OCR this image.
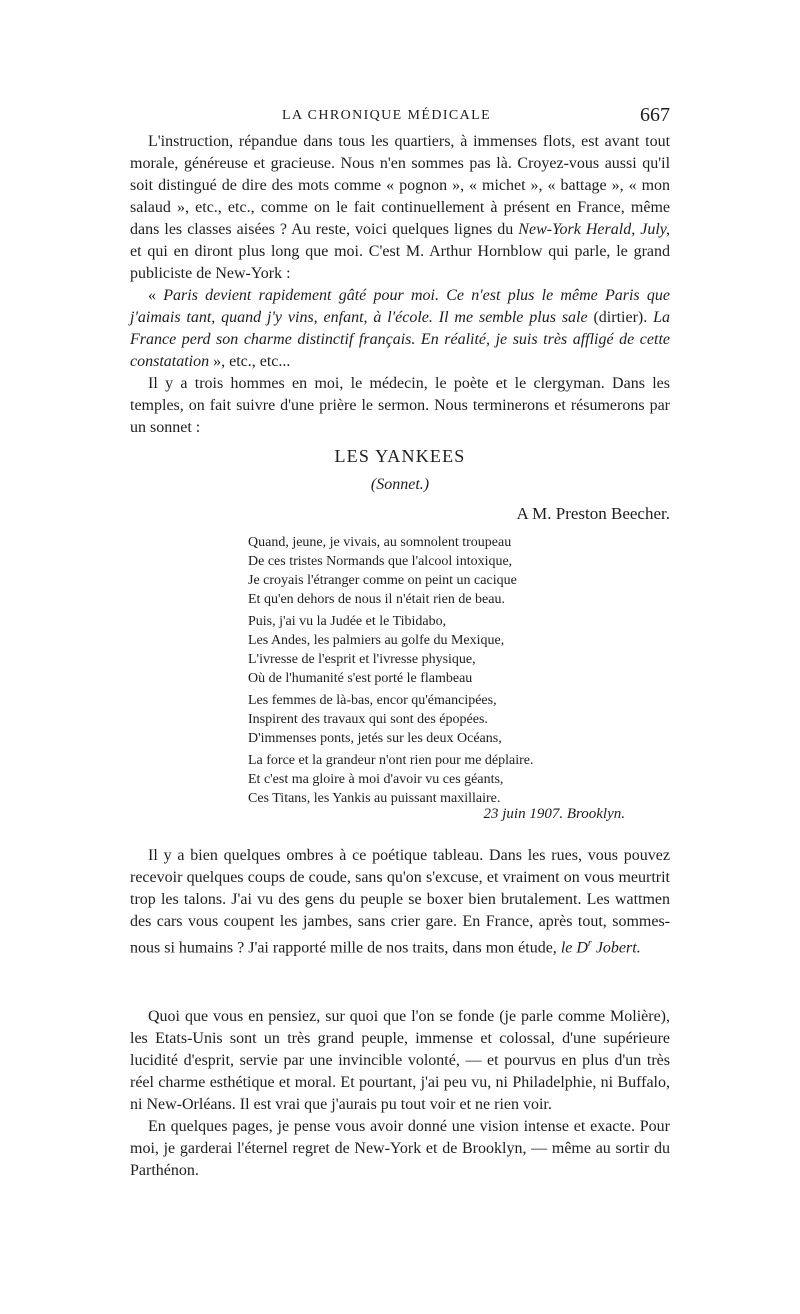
LA CHRONIQUE MÉDICALE	667

L'instruction, répandue dans tous les quartiers, à immenses flots, est avant tout morale, généreuse et gracieuse. Nous n'en sommes pas là. Croyez-vous aussi qu'il soit distingué de dire des mots comme « pognon », « michet », « battage », « mon salaud », etc., etc., comme on le fait continuellement à présent en France, même dans les classes aisées ? Au reste, voici quelques lignes du New-York Herald, July, et qui en diront plus long que moi. C'est M. Arthur Hornblow qui parle, le grand publiciste de New-York :

« Paris devient rapidement gâté pour moi. Ce n'est plus le même Paris que j'aimais tant, quand j'y vins, enfant, à l'école. Il me semble plus sale (dirtier). La France perd son charme distinctif français. En réalité, je suis très affligé de cette constatation », etc., etc...

Il y a trois hommes en moi, le médecin, le poète et le clergyman. Dans les temples, on fait suivre d'une prière le sermon. Nous terminerons et résumerons par un sonnet :

LES YANKEES
(Sonnet.)
A M. Preston Beecher.
Quand, jeune, je vivais, au somnolent troupeau
De ces tristes Normands que l'alcool intoxique,
Je croyais l'étranger comme on peint un cacique
Et qu'en dehors de nous il n'était rien de beau.
Puis, j'ai vu la Judée et le Tibidabo,
Les Andes, les palmiers au golfe du Mexique,
L'ivresse de l'esprit et l'ivresse physique,
Où de l'humanité s'est porté le flambeau
Les femmes de là-bas, encor qu'émancipées,
Inspirent des travaux qui sont des épopées.
D'immenses ponts, jetés sur les deux Océans,
La force et la grandeur n'ont rien pour me déplaire.
Et c'est ma gloire à moi d'avoir vu ces géants,
Ces Titans, les Yankis au puissant maxillaire.
23 juin 1907. Brooklyn.

Il y a bien quelques ombres à ce poétique tableau. Dans les rues, vous pouvez recevoir quelques coups de coude, sans qu'on s'excuse, et vraiment on vous meurtrit trop les talons. J'ai vu des gens du peuple se boxer bien brutalement. Les wattmen des cars vous coupent les jambes, sans crier gare. En France, après tout, sommes-nous si humains ? J'ai rapporté mille de nos traits, dans mon étude, le $D^r$ Jobert.

Quoi que vous en pensiez, sur quoi que l'on se fonde (je parle comme Molière), les Etats-Unis sont un très grand peuple, immense et colossal, d'une supérieure lucidité d'esprit, servie par une invincible volonté, — et pourvus en plus d'un très réel charme esthétique et moral. Et pourtant, j'ai peu vu, ni Philadelphie, ni Buffalo, ni New-Orléans. Il est vrai que j'aurais pu tout voir et ne rien voir.

En quelques pages, je pense vous avoir donné une vision intense et exacte. Pour moi, je garderai l'éternel regret de New-York et de Brooklyn, — même au sortir du Parthénon.
